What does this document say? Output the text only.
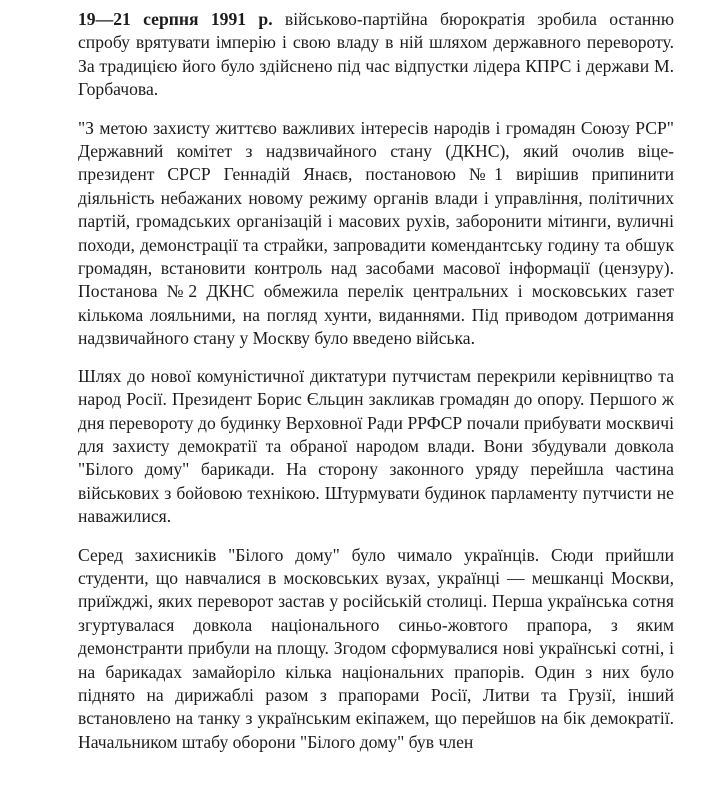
19—21 серпня 1991 р. військово-партійна бюрократія зробила останню спробу врятувати імперію і свою владу в ній шляхом державного перевороту. За традицією його було здійснено під час відпустки лідера КПРС і держави М. Горбачова.

"З метою захисту життєво важливих інтересів народів і громадян Союзу РСР" Державний комітет з надзвичайного стану (ДКНС), який очолив віце-президент СРСР Геннадій Янаєв, постановою №1 вирішив припинити діяльність небажаних новому режиму органів влади і управління, політичних партій, громадських організацій і масових рухів, заборонити мітинги, вуличні походи, демонстрації та страйки, запровадити комендантську годину та обшук громадян, встановити контроль над засобами масової інформації (цензуру). Постанова №2 ДКНС обмежила перелік центральних і московських газет кількома лояльними, на погляд хунти, виданнями. Під приводом дотримання надзвичайного стану у Москву було введено війська.

Шлях до нової комуністичної диктатури путчистам перекрили керівництво та народ Росії. Президент Борис Єльцин закликав громадян до опору. Першого ж дня перевороту до будинку Верховної Ради РРФСР почали прибувати москвичі для захисту демократії та обраної народом влади. Вони збудували довкола "Білого дому" барикади. На сторону законного уряду перейшла частина військових з бойовою технікою. Штурмувати будинок парламенту путчисти не наважилися.

Серед захисників "Білого дому" було чимало українців. Сюди прийшли студенти, що навчалися в московських вузах, українці — мешканці Москви, приїжджі, яких переворот застав у російській столиці. Перша українська сотня згуртувалася довкола національного синьо-жовтого прапора, з яким демонстранти прибули на площу. Згодом сформувалися нові українські сотні, і на барикадах замайоріло кілька національних прапорів. Один з них було піднято на дирижаблі разом з прапорами Росії, Литви та Грузії, інший встановлено на танку з українським екіпажем, що перейшов на бік демократії. Начальником штабу оборони "Білого дому" був член
